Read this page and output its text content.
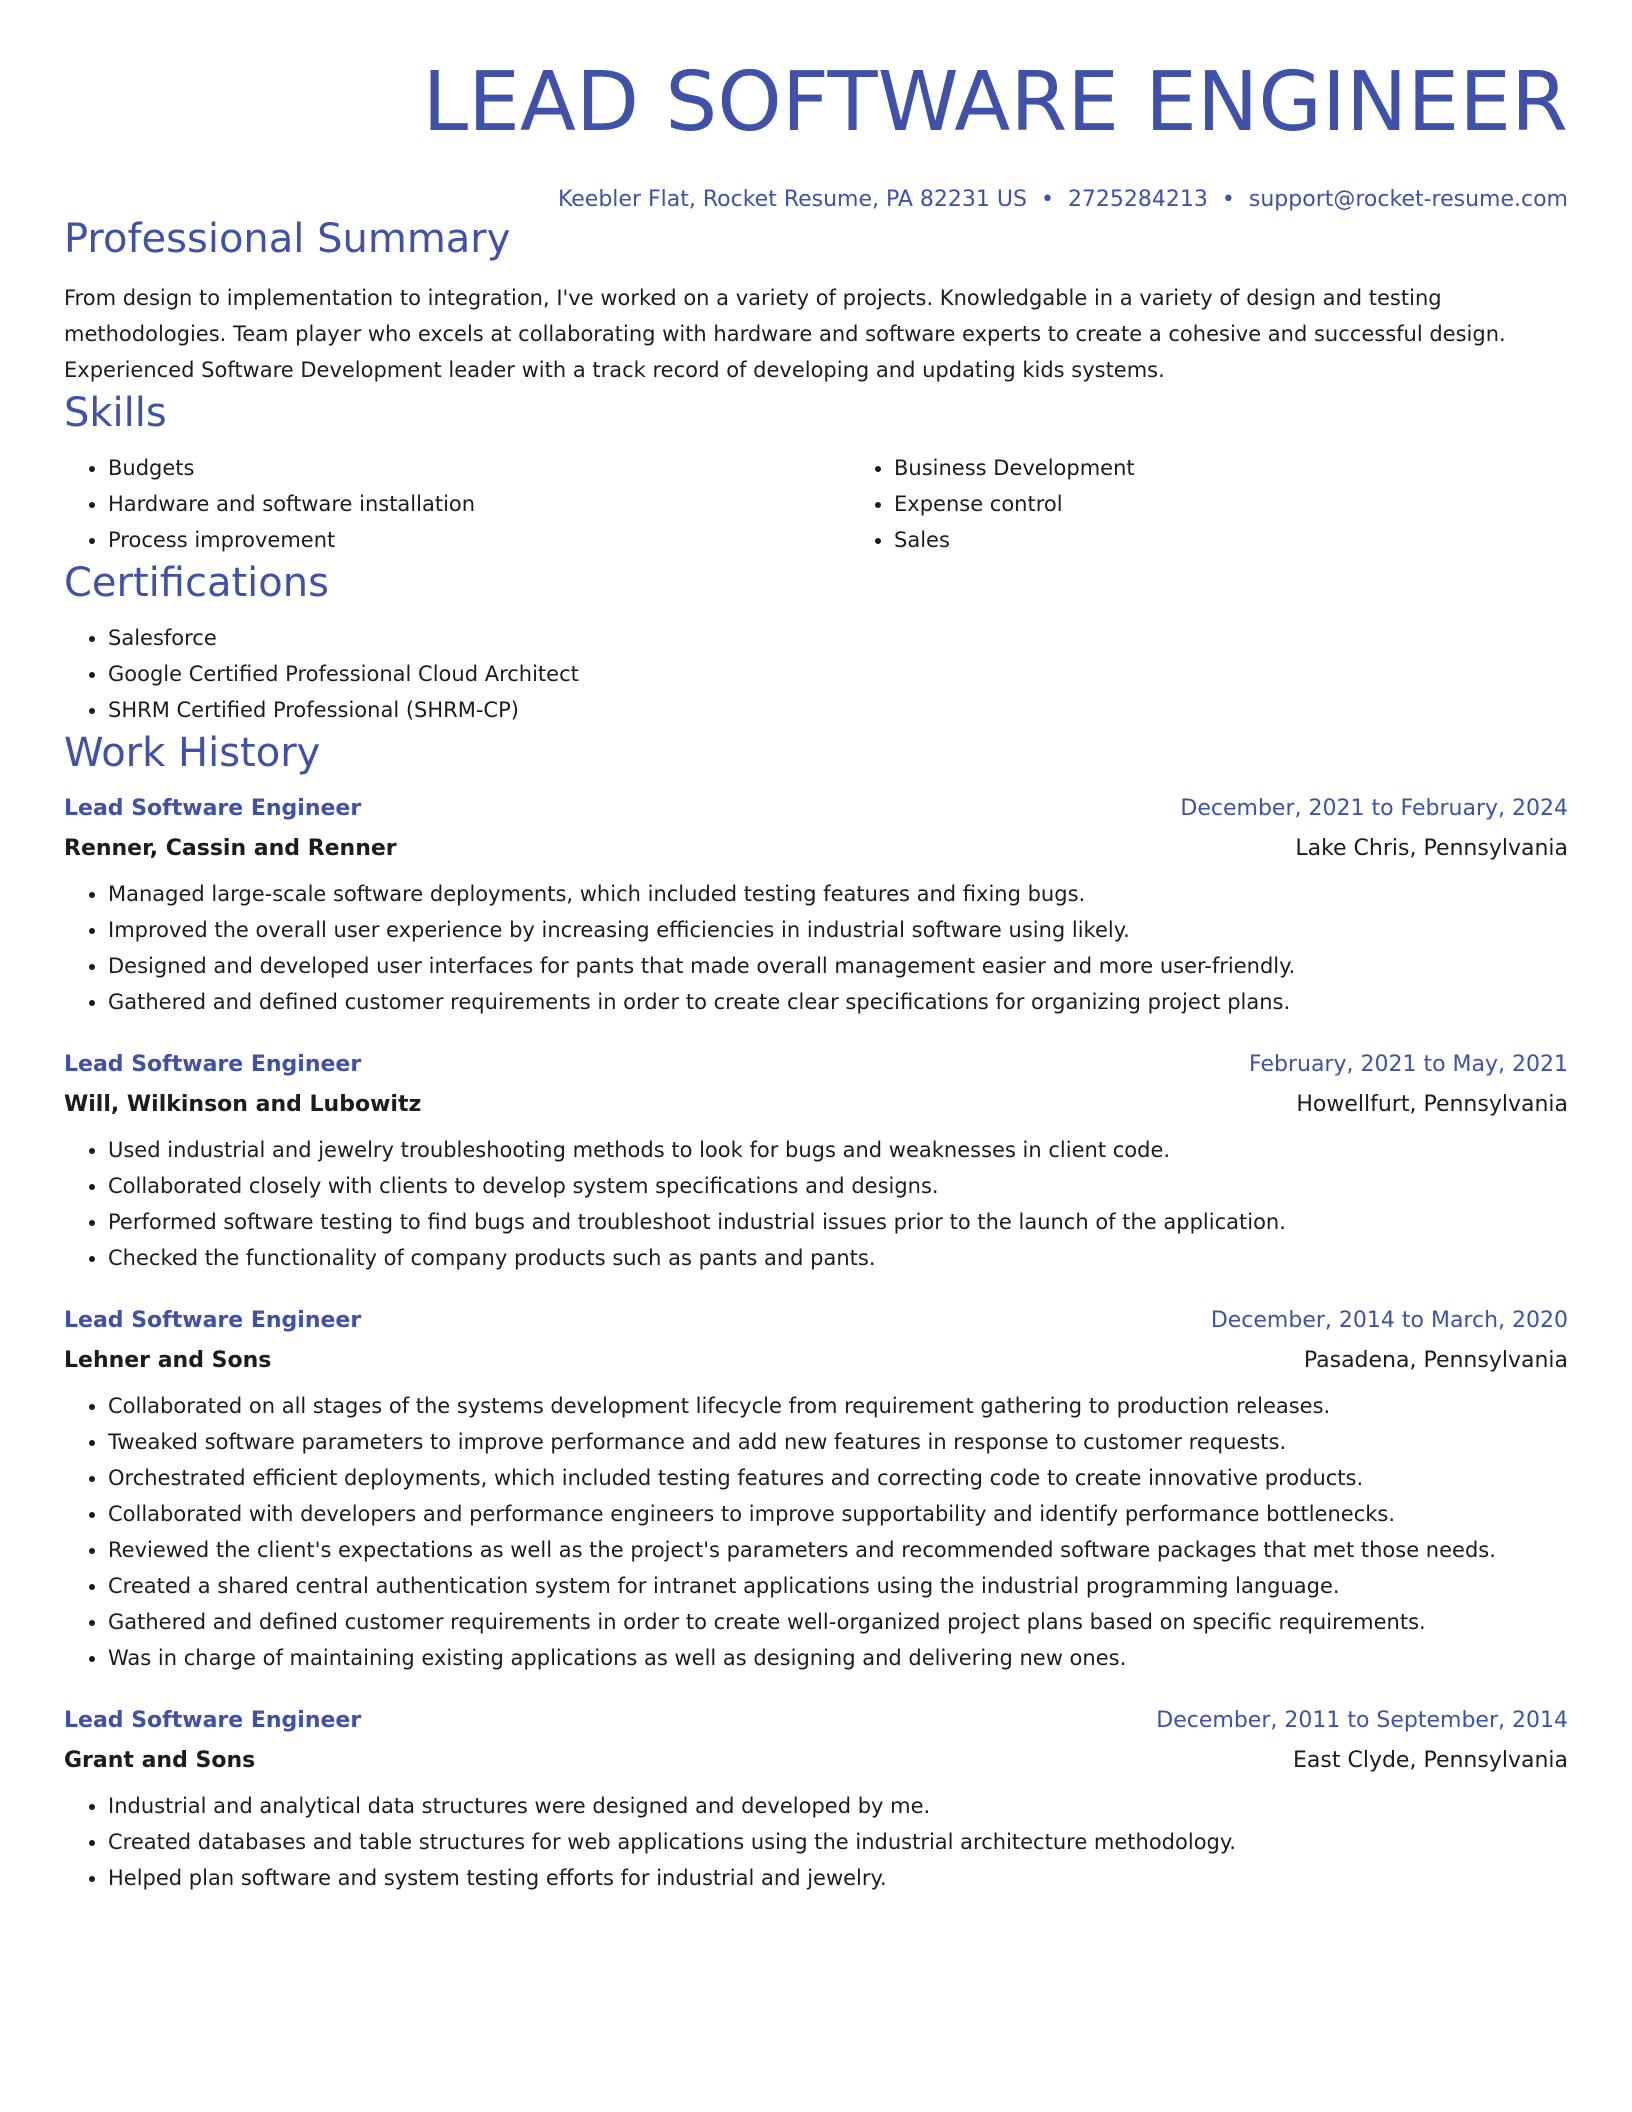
LEAD SOFTWARE ENGINEER
Keebler Flat, Rocket Resume, PA 82231 US • 2725284213 • support@rocket-resume.com
Professional Summary

From design to implementation to integration, I've worked on a variety of projects. Knowledgable in a variety of design and testing methodologies. Team player who excels at collaborating with hardware and software experts to create a cohesive and successful design. Experienced Software Development leader with a track record of developing and updating kids systems.

Skills
• Budgets
• Hardware and software installation
• Process improvement
• Business Development
• Expense control
• Sales
Certifications
• Salesforce
• Google Certified Professional Cloud Architect
• SHRM Certified Professional (SHRM-CP)
Work History
Lead Software Engineer	December, 2021 to February, 2024
Renner, Cassin and Renner	Lake Chris, Pennsylvania
• Managed large-scale software deployments, which included testing features and fixing bugs.
• Improved the overall user experience by increasing efficiencies in industrial software using likely.
• Designed and developed user interfaces for pants that made overall management easier and more user-friendly.
• Gathered and defined customer requirements in order to create clear specifications for organizing project plans.
Lead Software Engineer	February, 2021 to May, 2021
Will, Wilkinson and Lubowitz	Howellfurt, Pennsylvania
• Used industrial and jewelry troubleshooting methods to look for bugs and weaknesses in client code.
• Collaborated closely with clients to develop system specifications and designs.
• Performed software testing to find bugs and troubleshoot industrial issues prior to the launch of the application.
• Checked the functionality of company products such as pants and pants.
Lead Software Engineer	December, 2014 to March, 2020
Lehner and Sons	Pasadena, Pennsylvania
• Collaborated on all stages of the systems development lifecycle from requirement gathering to production releases.
• Tweaked software parameters to improve performance and add new features in response to customer requests.
• Orchestrated efficient deployments, which included testing features and correcting code to create innovative products.
• Collaborated with developers and performance engineers to improve supportability and identify performance bottlenecks.
• Reviewed the client's expectations as well as the project's parameters and recommended software packages that met those needs.
• Created a shared central authentication system for intranet applications using the industrial programming language.
• Gathered and defined customer requirements in order to create well-organized project plans based on specific requirements.
• Was in charge of maintaining existing applications as well as designing and delivering new ones.
Lead Software Engineer	December, 2011 to September, 2014
Grant and Sons	East Clyde, Pennsylvania
• Industrial and analytical data structures were designed and developed by me.
• Created databases and table structures for web applications using the industrial architecture methodology.
• Helped plan software and system testing efforts for industrial and jewelry.
